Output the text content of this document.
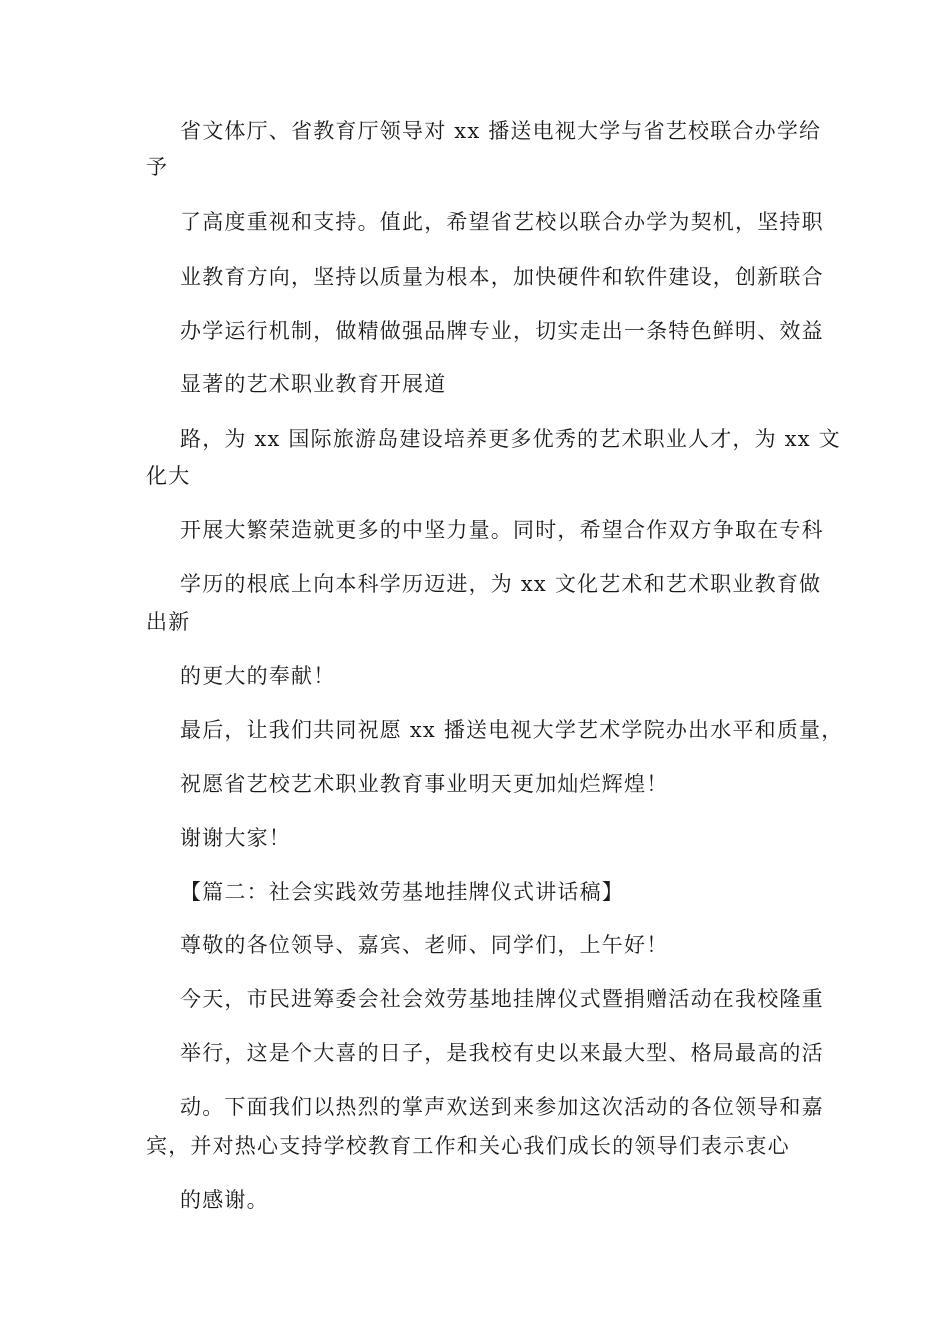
省文体厅、省教育厅领导对 xx 播送电视大学与省艺校联合办学给
予
了高度重视和支持。值此，希望省艺校以联合办学为契机，坚持职
业教育方向，坚持以质量为根本，加快硬件和软件建设，创新联合
办学运行机制，做精做强品牌专业，切实走出一条特色鲜明、效益
显著的艺术职业教育开展道
路，为 xx 国际旅游岛建设培养更多优秀的艺术职业人才，为 xx 文
化大
开展大繁荣造就更多的中坚力量。同时，希望合作双方争取在专科
学历的根底上向本科学历迈进，为 xx 文化艺术和艺术职业教育做
出新
的更大的奉献！
最后，让我们共同祝愿 xx 播送电视大学艺术学院办出水平和质量，
祝愿省艺校艺术职业教育事业明天更加灿烂辉煌！
谢谢大家！
【篇二：社会实践效劳基地挂牌仪式讲话稿】
尊敬的各位领导、嘉宾、老师、同学们，上午好！
今天，市民进筹委会社会效劳基地挂牌仪式暨捐赠活动在我校隆重
举行，这是个大喜的日子，是我校有史以来最大型、格局最高的活
动。下面我们以热烈的掌声欢送到来参加这次活动的各位领导和嘉
宾，并对热心支持学校教育工作和关心我们成长的领导们表示衷心
的感谢。
